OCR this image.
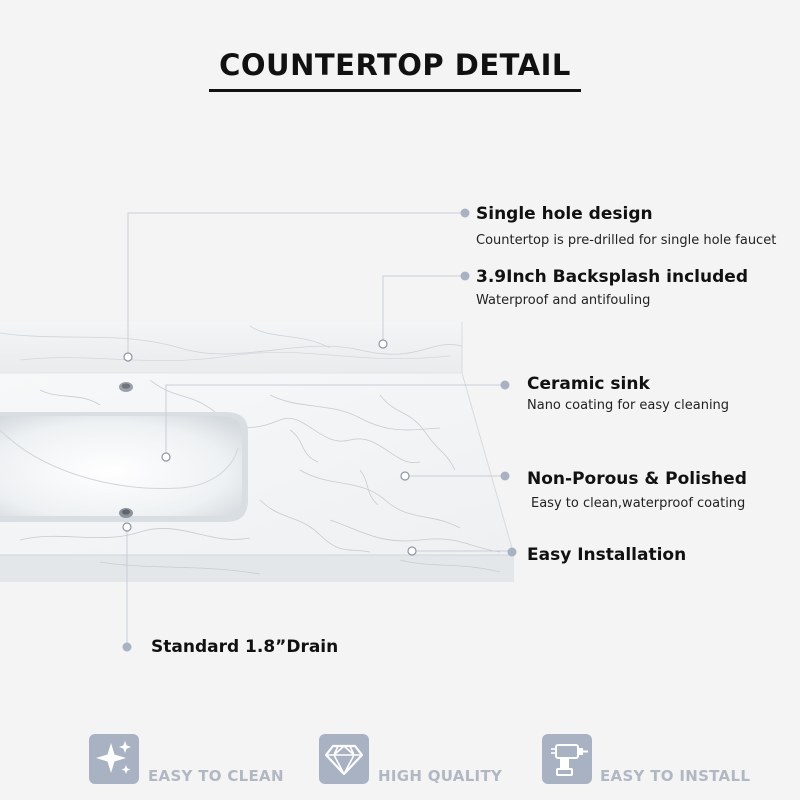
COUNTERTOP DETAIL
Single hole design
Countertop is pre-drilled for single hole faucet
3.9Inch Backsplash included
Waterproof and antifouling
Ceramic sink
Nano coating for easy cleaning
Non-Porous & Polished
Easy to clean,waterproof coating
Easy Installation
Standard 1.8”Drain
EASY TO CLEAN	HIGH QUALITY	EASY TO INSTALL
